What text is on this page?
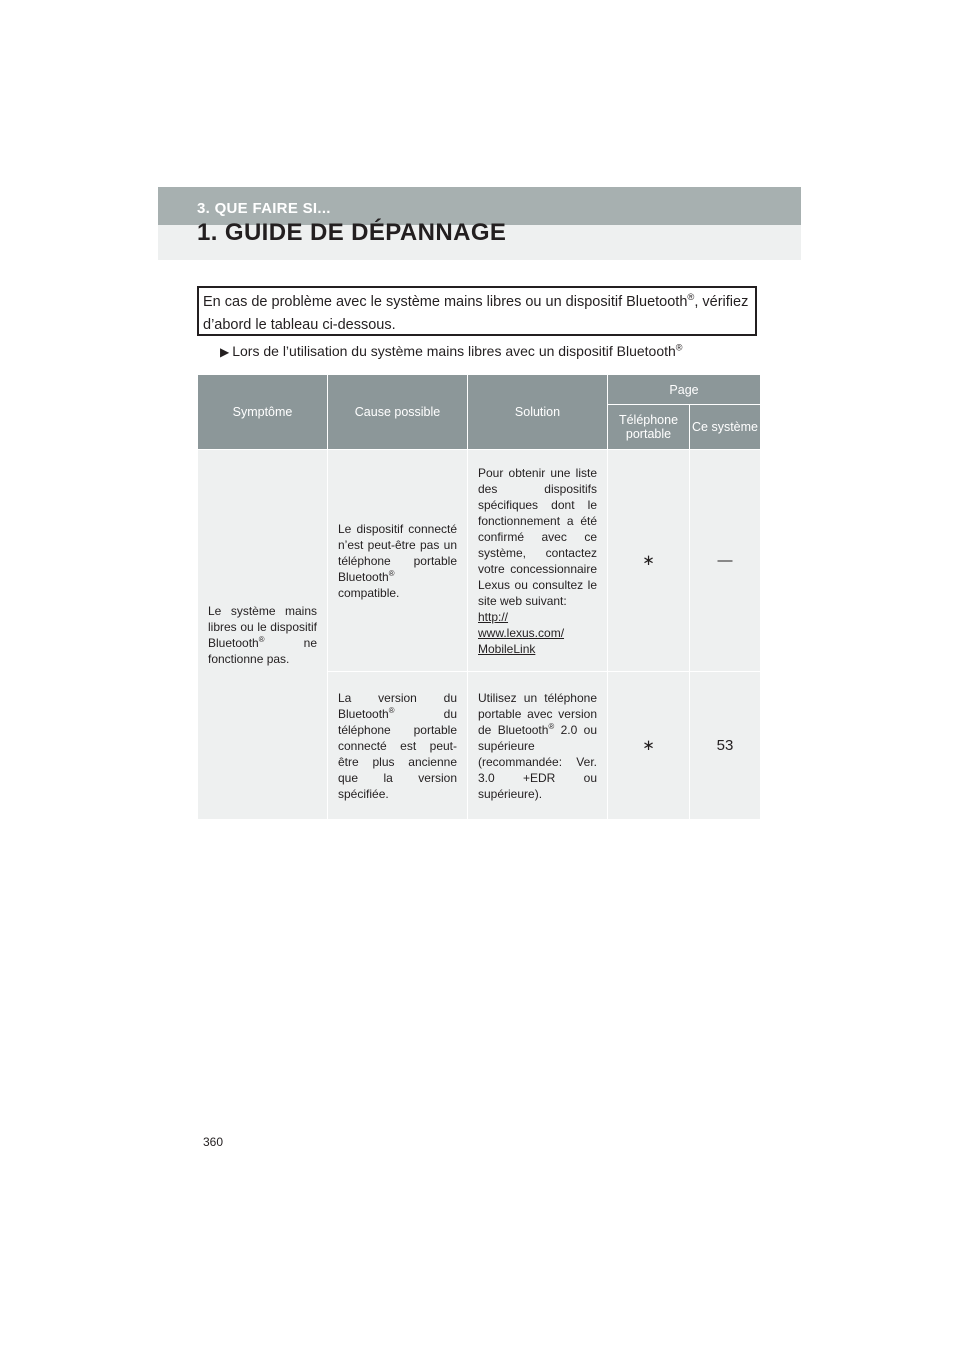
3. QUE FAIRE SI...
1. GUIDE DE DÉPANNAGE
En cas de problème avec le système mains libres ou un dispositif Bluetooth®, vérifiez
d’abord le tableau ci-dessous.
▶ Lors de l’utilisation du système mains libres avec un dispositif Bluetooth®
Symptôme	Cause possible	Solution	Page	
			Téléphone portable	Ce système
Le système mains libres ou le dispositif Bluetooth® ne fonctionne pas.	Le dispositif connecté n’est peut-être pas un téléphone portable Bluetooth® compatible.	Pour obtenir une liste des dispositifs spécifiques dont le fonctionnement a été confirmé avec ce système, contactez votre concessionnaire Lexus ou consultez le site web suivant:
http://
www.lexus.com/
MobileLink	∗	—
	La version du Bluetooth® du téléphone portable connecté est peut-être plus ancienne que la version spécifiée.	Utilisez un téléphone portable avec version de Bluetooth® 2.0 ou supérieure (recommandée: Ver. 3.0 +EDR ou supérieure).	∗	53
360
